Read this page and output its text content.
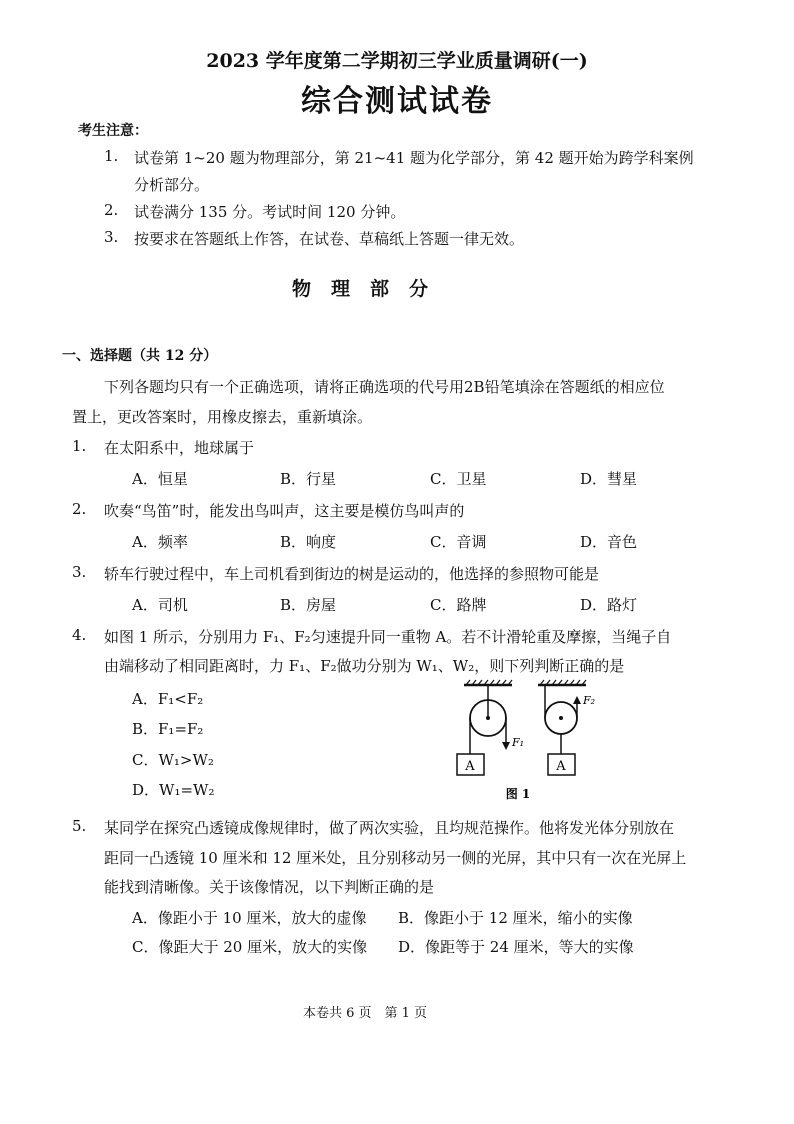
2023 学年度第二学期初三学业质量调研(一)
综合测试试卷
考生注意：
1. 试卷第 1~20 题为物理部分，第 21~41 题为化学部分，第 42 题开始为跨学科案例
分析部分。
2. 试卷满分 135 分。考试时间 120 分钟。
3. 按要求在答题纸上作答，在试卷、草稿纸上答题一律无效。
物理部分
一、选择题（共 12 分）
下列各题均只有一个正确选项，请将正确选项的代号用2B铅笔填涂在答题纸的相应位
置上，更改答案时，用橡皮擦去，重新填涂。
1. 在太阳系中，地球属于
A．恒星	B．行星	C．卫星	D．彗星
2. 吹奏“鸟笛”时，能发出鸟叫声，这主要是模仿鸟叫声的
A．频率	B．响度	C．音调	D．音色
3. 轿车行驶过程中，车上司机看到街边的树是运动的，他选择的参照物可能是
A．司机	B．房屋	C．路牌	D．路灯
4. 如图 1 所示，分别用力 F₁、F₂匀速提升同一重物 A。若不计滑轮重及摩擦，当绳子自
由端移动了相同距离时，力 F₁、F₂做功分别为 W₁、W₂，则下列判断正确的是
A．F₁<F₂
B．F₁=F₂
C．W₁>W₂
D．W₁=W₂
A
F₁
A
F₂
图 1
5. 某同学在探究凸透镜成像规律时，做了两次实验，且均规范操作。他将发光体分别放在
距同一凸透镜 10 厘米和 12 厘米处，且分别移动另一侧的光屏，其中只有一次在光屏上
能找到清晰像。关于该像情况，以下判断正确的是
A．像距小于 10 厘米，放大的虚像 B．像距小于 12 厘米，缩小的实像
C．像距大于 20 厘米，放大的实像 D．像距等于 24 厘米，等大的实像
本卷共 6 页　第 1 页
